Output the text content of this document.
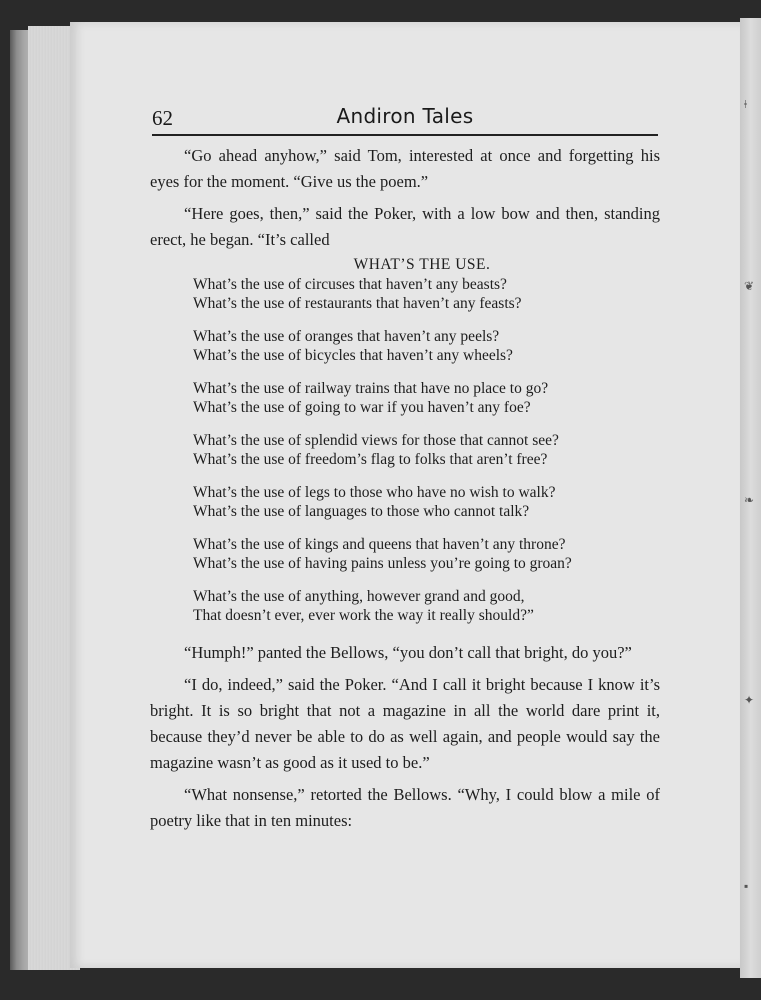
ǂ
❦
❧
✦
▪
62	Andiron Tales

“Go ahead anyhow,” said Tom, interested at once and forgetting his eyes for the moment. “Give us the poem.”

“Here goes, then,” said the Poker, with a low bow and then, standing erect, he began. “It’s called

WHAT’S THE USE.
What’s the use of circuses that haven’t any beasts?
What’s the use of restaurants that haven’t any feasts?
What’s the use of oranges that haven’t any peels?
What’s the use of bicycles that haven’t any wheels?
What’s the use of railway trains that have no place to go?
What’s the use of going to war if you haven’t any foe?
What’s the use of splendid views for those that cannot see?
What’s the use of freedom’s flag to folks that aren’t free?
What’s the use of legs to those who have no wish to walk?
What’s the use of languages to those who cannot talk?
What’s the use of kings and queens that haven’t any throne?
What’s the use of having pains unless you’re going to groan?
What’s the use of anything, however grand and good,
That doesn’t ever, ever work the way it really should?”

“Humph!” panted the Bellows, “you don’t call that bright, do you?”

“I do, indeed,” said the Poker. “And I call it bright because I know it’s bright. It is so bright that not a magazine in all the world dare print it, because they’d never be able to do as well again, and people would say the magazine wasn’t as good as it used to be.”

“What nonsense,” retorted the Bellows. “Why, I could blow a mile of poetry like that in ten minutes:
